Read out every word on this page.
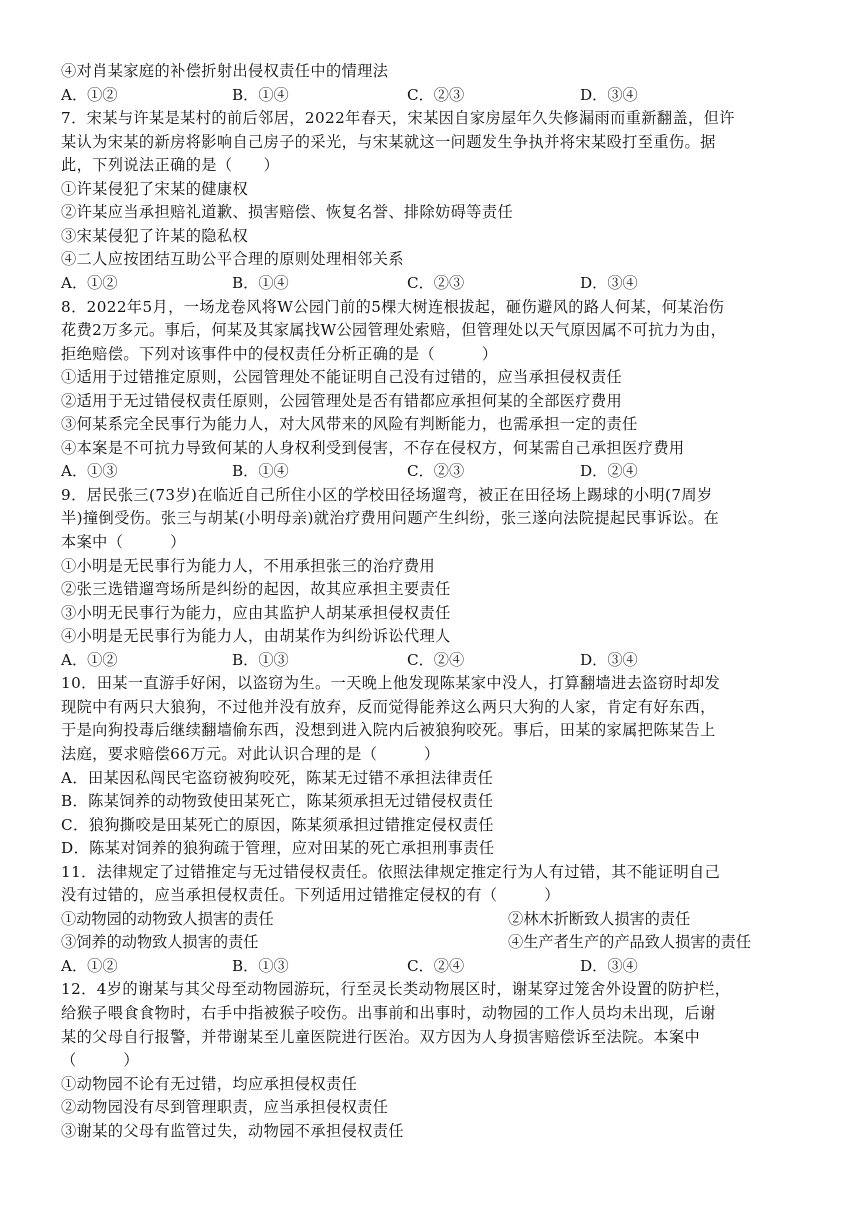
④对肖某家庭的补偿折射出侵权责任中的情理法
7．宋某与许某是某村的前后邻居，2022年春天，宋某因自家房屋年久失修漏雨而重新翻盖，但许
某认为宋某的新房将影响自己房子的采光，与宋某就这一问题发生争执并将宋某殴打至重伤。据
此，下列说法正确的是（　　）
①许某侵犯了宋某的健康权
②许某应当承担赔礼道歉、损害赔偿、恢复名誉、排除妨碍等责任
③宋某侵犯了许某的隐私权
④二人应按团结互助公平合理的原则处理相邻关系
8．2022年5月，一场龙卷风将W公园门前的5棵大树连根拔起，砸伤避风的路人何某，何某治伤
花费2万多元。事后，何某及其家属找W公园管理处索赔，但管理处以天气原因属不可抗力为由，
拒绝赔偿。下列对该事件中的侵权责任分析正确的是（　　　）
①适用于过错推定原则，公园管理处不能证明自己没有过错的，应当承担侵权责任
②适用于无过错侵权责任原则，公园管理处是否有错都应承担何某的全部医疗费用
③何某系完全民事行为能力人，对大风带来的风险有判断能力，也需承担一定的责任
④本案是不可抗力导致何某的人身权利受到侵害，不存在侵权方，何某需自己承担医疗费用
9．居民张三(73岁)在临近自己所住小区的学校田径场遛弯，被正在田径场上踢球的小明(7周岁
半)撞倒受伤。张三与胡某(小明母亲)就治疗费用问题产生纠纷，张三遂向法院提起民事诉讼。在
本案中（　　　）
①小明是无民事行为能力人，不用承担张三的治疗费用
②张三选错遛弯场所是纠纷的起因，故其应承担主要责任
③小明无民事行为能力，应由其监护人胡某承担侵权责任
④小明是无民事行为能力人，由胡某作为纠纷诉讼代理人
10．田某一直游手好闲，以盗窃为生。一天晚上他发现陈某家中没人，打算翻墙进去盗窃时却发
现院中有两只大狼狗，不过他并没有放弃，反而觉得能养这么两只大狗的人家，肯定有好东西，
于是向狗投毒后继续翻墙偷东西，没想到进入院内后被狼狗咬死。事后，田某的家属把陈某告上
法庭，要求赔偿66万元。对此认识合理的是（　　　）
A．田某因私闯民宅盗窃被狗咬死，陈某无过错不承担法律责任
B．陈某饲养的动物致使田某死亡，陈某须承担无过错侵权责任
C．狼狗撕咬是田某死亡的原因，陈某须承担过错推定侵权责任
D．陈某对饲养的狼狗疏于管理，应对田某的死亡承担刑事责任
11．法律规定了过错推定与无过错侵权责任。依照法律规定推定行为人有过错，其不能证明自己
没有过错的，应当承担侵权责任。下列适用过错推定侵权的有（　　　）
12．4岁的谢某与其父母至动物园游玩，行至灵长类动物展区时，谢某穿过笼舍外设置的防护栏，
给猴子喂食食物时，右手中指被猴子咬伤。出事前和出事时，动物园的工作人员均未出现，后谢
某的父母自行报警，并带谢某至儿童医院进行医治。双方因为人身损害赔偿诉至法院。本案中
（　　　）
①动物园不论有无过错，均应承担侵权责任
②动物园没有尽到管理职责，应当承担侵权责任
③谢某的父母有监管过失，动物园不承担侵权责任
A．①②	B．①④	C．②③	D．③④
A．①②	B．①④	C．②③	D．③④
A．①③	B．①④	C．②③	D．②④
A．①②	B．①③	C．②④	D．③④
①动物园的动物致人损害的责任	②林木折断致人损害的责任
③饲养的动物致人损害的责任	④生产者生产的产品致人损害的责任
A．①②	B．①③	C．②④	D．③④
